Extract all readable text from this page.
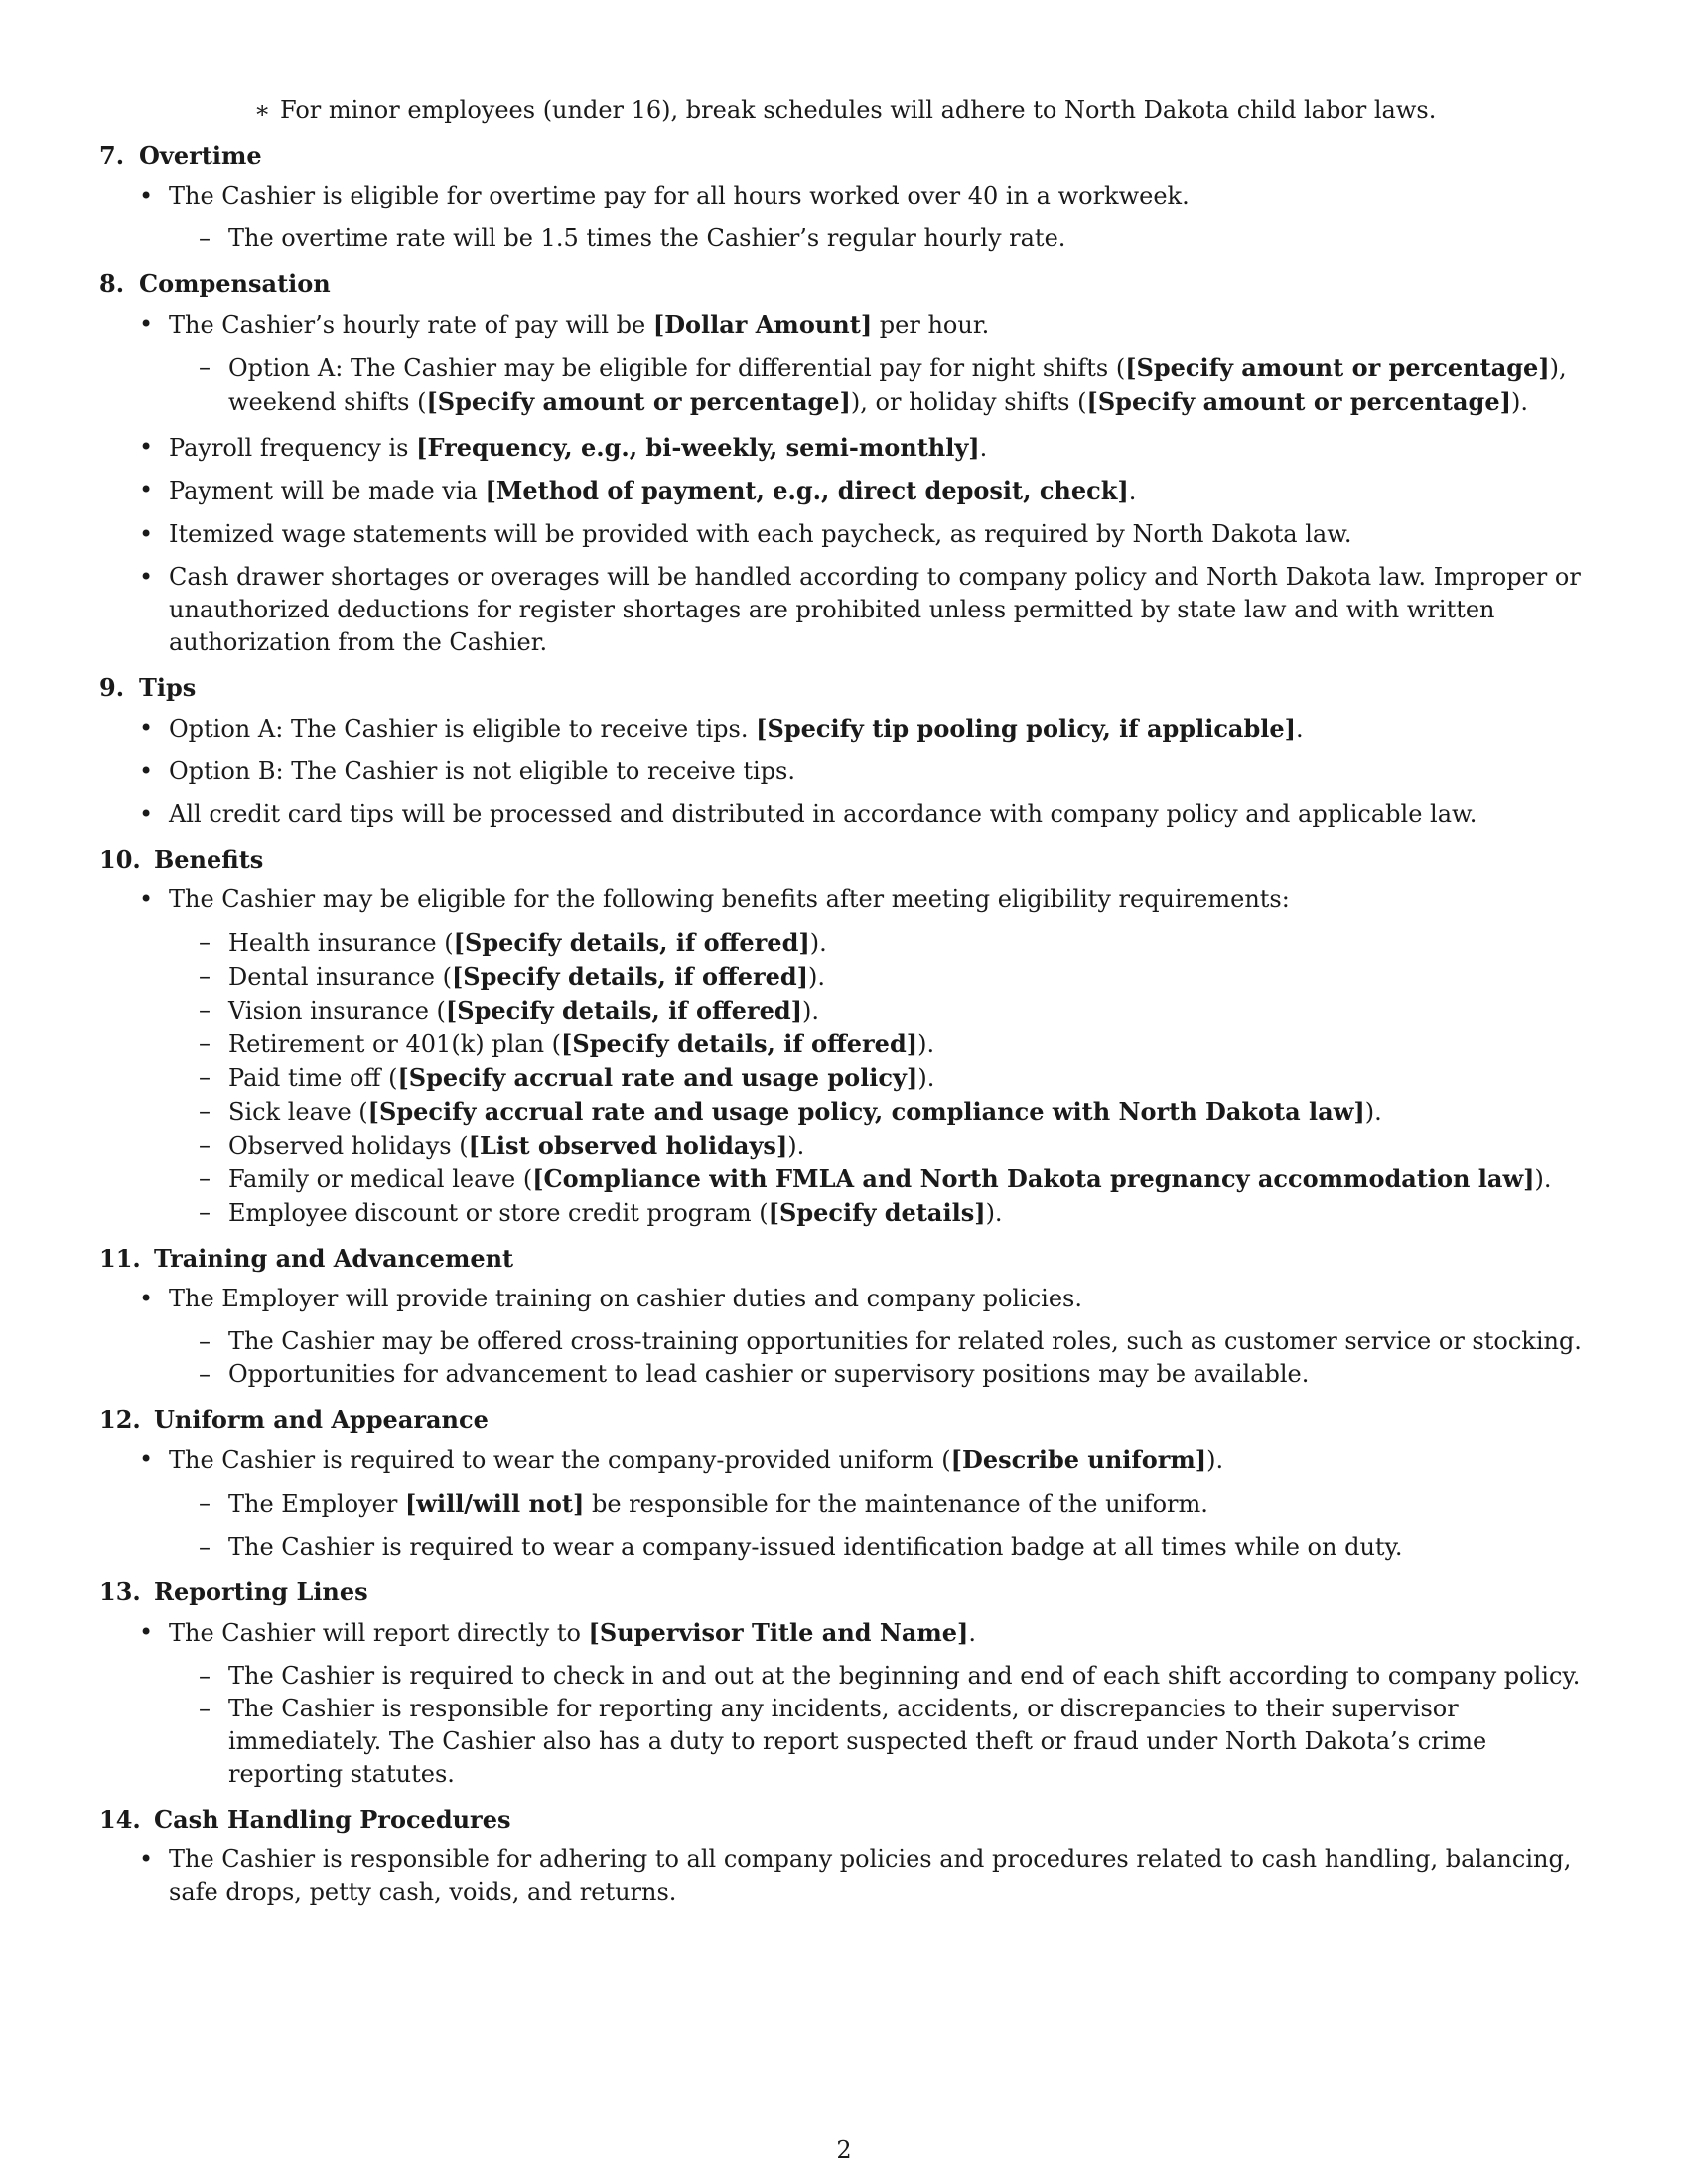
∗ For minor employees (under 16), break schedules will adhere to North Dakota child labor laws.
7. Overtime
• The Cashier is eligible for overtime pay for all hours worked over 40 in a workweek.
– The overtime rate will be 1.5 times the Cashier’s regular hourly rate.
8. Compensation
• The Cashier’s hourly rate of pay will be [Dollar Amount] per hour.
– Option A: The Cashier may be eligible for differential pay for night shifts ([Specify amount or percentage]), weekend shifts ([Specify amount or percentage]), or holiday shifts ([Specify amount or percentage]).
• Payroll frequency is [Frequency, e.g., bi-weekly, semi-monthly].
• Payment will be made via [Method of payment, e.g., direct deposit, check].
• Itemized wage statements will be provided with each paycheck, as required by North Dakota law.
• Cash drawer shortages or overages will be handled according to company policy and North Dakota law. Improper or unauthorized deductions for register shortages are prohibited unless permitted by state law and with written authorization from the Cashier.
9. Tips
• Option A: The Cashier is eligible to receive tips. [Specify tip pooling policy, if applicable].
• Option B: The Cashier is not eligible to receive tips.
• All credit card tips will be processed and distributed in accordance with company policy and applicable law.
10. Benefits
• The Cashier may be eligible for the following benefits after meeting eligibility requirements:
– Health insurance ([Specify details, if offered]).
– Dental insurance ([Specify details, if offered]).
– Vision insurance ([Specify details, if offered]).
– Retirement or 401(k) plan ([Specify details, if offered]).
– Paid time off ([Specify accrual rate and usage policy]).
– Sick leave ([Specify accrual rate and usage policy, compliance with North Dakota law]).
– Observed holidays ([List observed holidays]).
– Family or medical leave ([Compliance with FMLA and North Dakota pregnancy accommodation law]).
– Employee discount or store credit program ([Specify details]).
11. Training and Advancement
• The Employer will provide training on cashier duties and company policies.
– The Cashier may be offered cross-training opportunities for related roles, such as customer service or stocking.
– Opportunities for advancement to lead cashier or supervisory positions may be available.
12. Uniform and Appearance
• The Cashier is required to wear the company-provided uniform ([Describe uniform]).
– The Employer [will/will not] be responsible for the maintenance of the uniform.
– The Cashier is required to wear a company-issued identification badge at all times while on duty.
13. Reporting Lines
• The Cashier will report directly to [Supervisor Title and Name].
– The Cashier is required to check in and out at the beginning and end of each shift according to company policy.
– The Cashier is responsible for reporting any incidents, accidents, or discrepancies to their supervisor immediately. The Cashier also has a duty to report suspected theft or fraud under North Dakota’s crime reporting statutes.
14. Cash Handling Procedures
• The Cashier is responsible for adhering to all company policies and procedures related to cash handling, balancing, safe drops, petty cash, voids, and returns.
2
